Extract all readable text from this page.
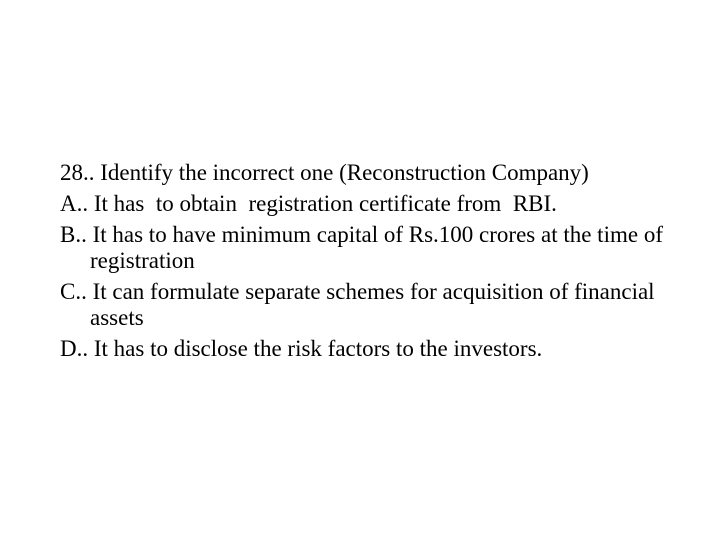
28.. Identify the incorrect one (Reconstruction Company)
A.. It has  to obtain  registration certificate from  RBI.
B.. It has to have minimum capital of Rs.100 crores at the time of  registration
C.. It can formulate separate schemes for acquisition of financial assets
D.. It has to disclose the risk factors to the investors.
